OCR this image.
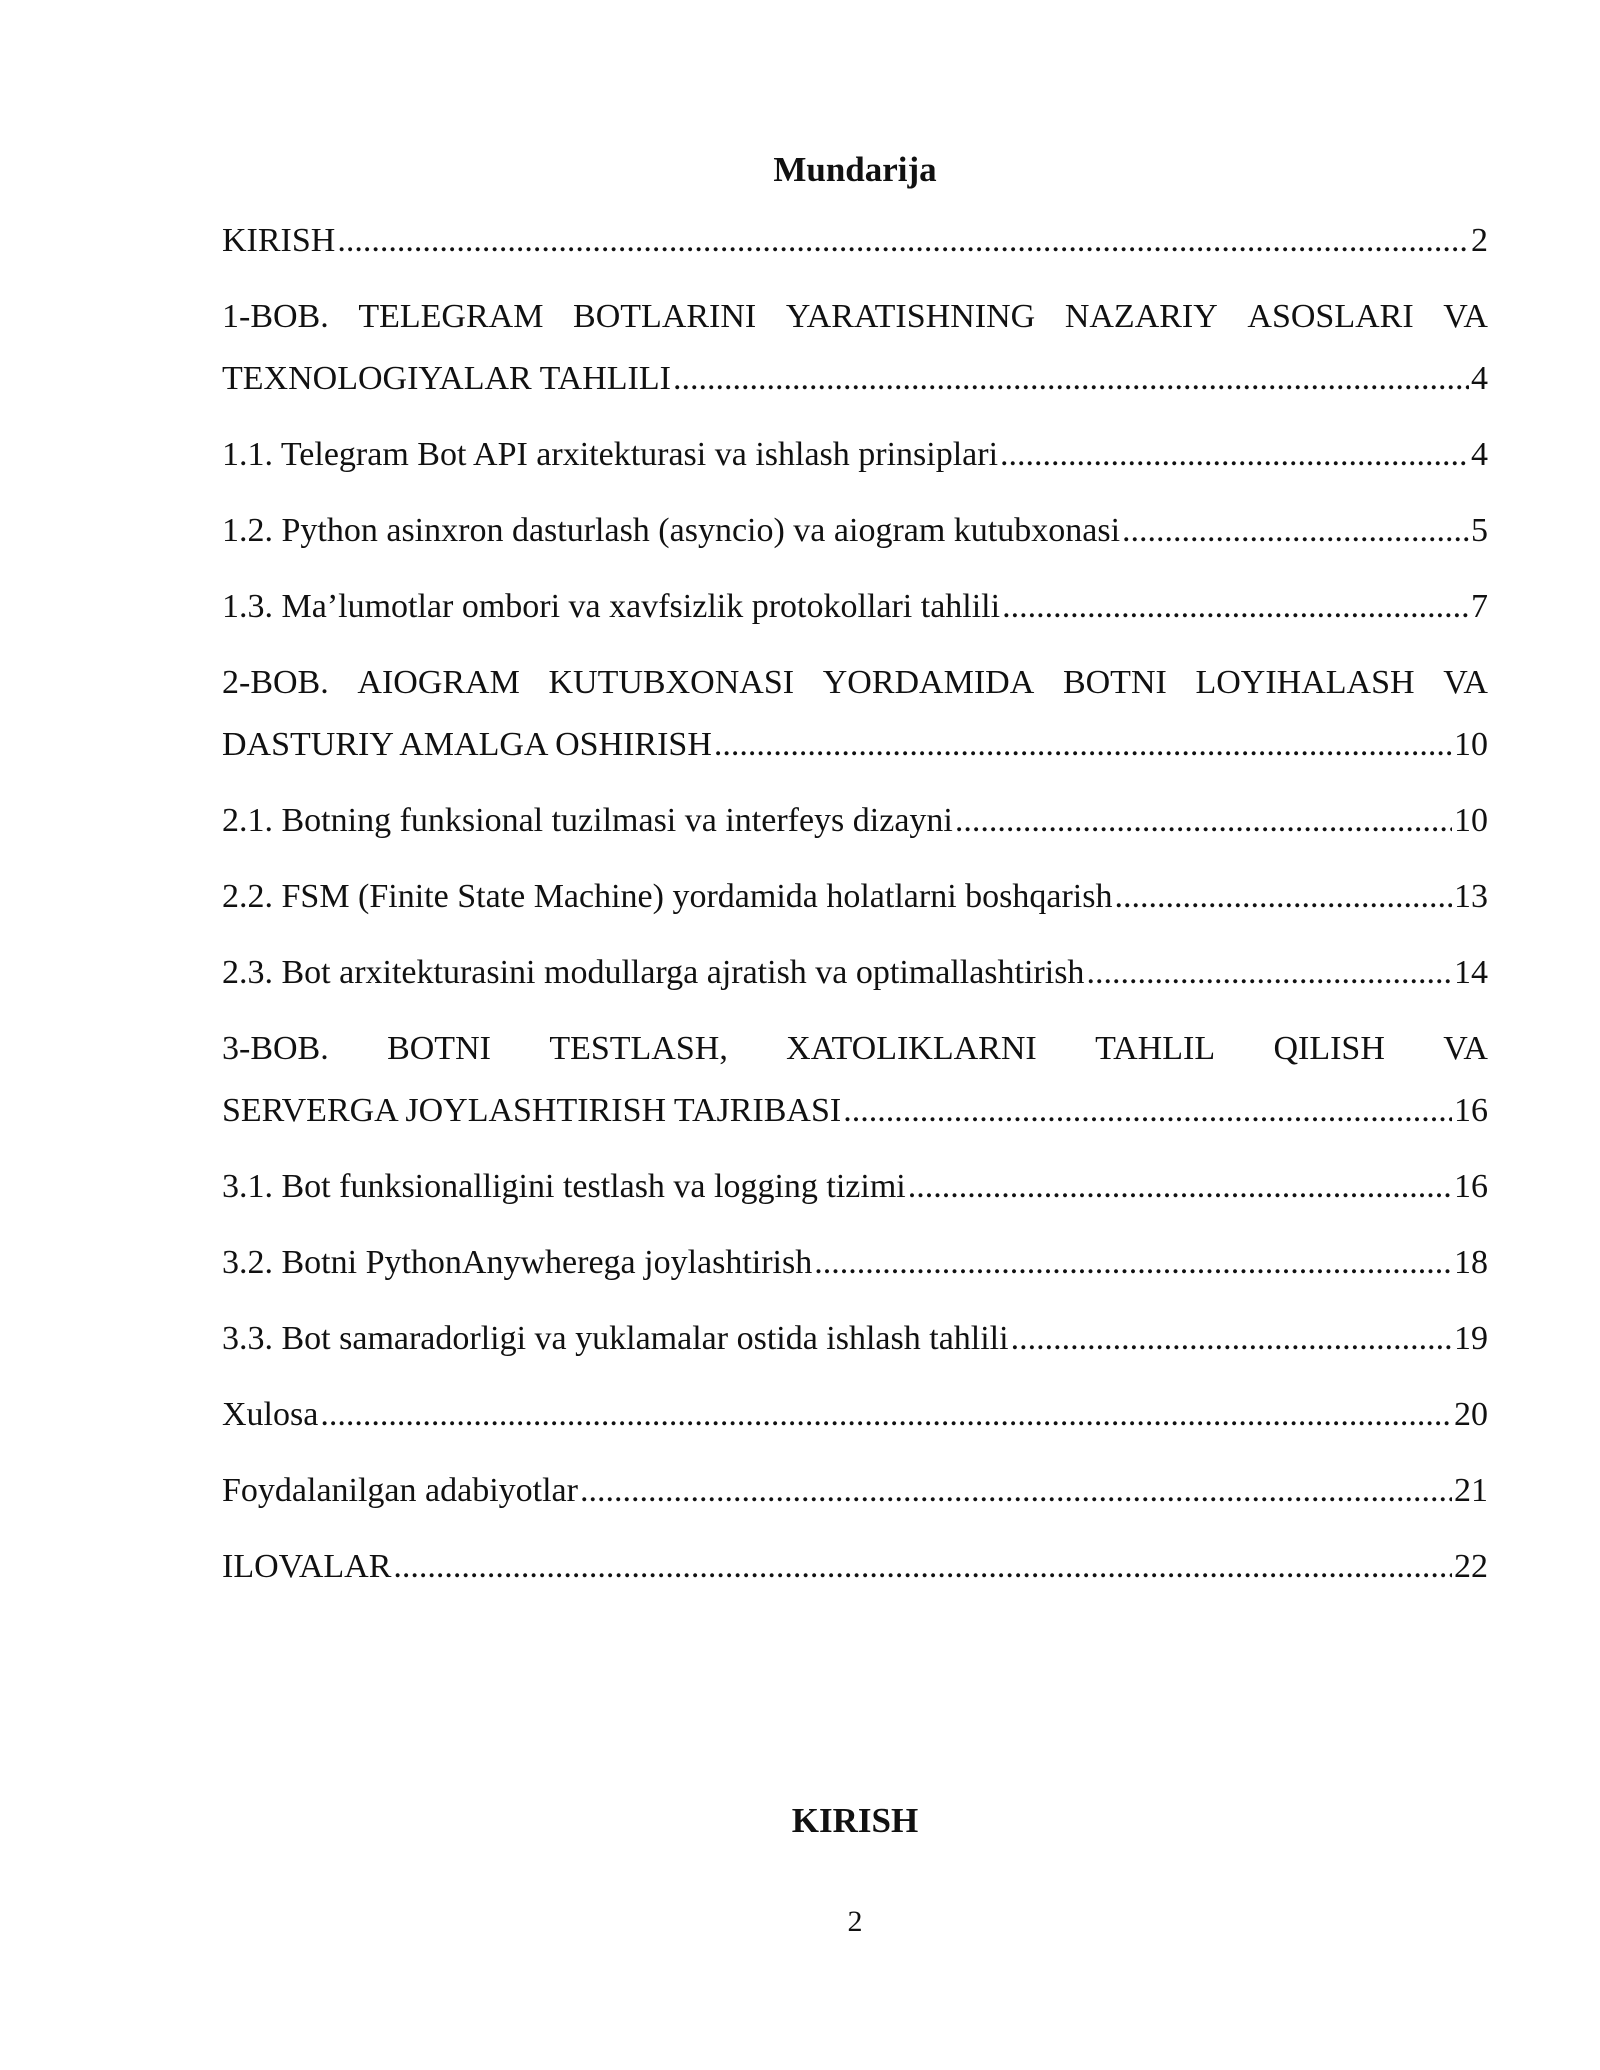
Mundarija
KIRISH .....	2
1-BOB. TELEGRAM BOTLARINI YARATISHNING NAZARIY ASOSLARI VA
TEXNOLOGIYALAR TAHLILI .....	4
1.1. Telegram Bot API arxitekturasi va ishlash prinsiplari .....	4
1.2. Python asinxron dasturlash (asyncio) va aiogram kutubxonasi .....	5
1.3. Ma’lumotlar ombori va xavfsizlik protokollari tahlili .....	7
2-BOB. AIOGRAM KUTUBXONASI YORDAMIDA BOTNI LOYIHALASH VA
DASTURIY AMALGA OSHIRISH .....	10
2.1. Botning funksional tuzilmasi va interfeys dizayni .....	10
2.2. FSM (Finite State Machine) yordamida holatlarni boshqarish .....	13
2.3. Bot arxitekturasini modullarga ajratish va optimallashtirish .....	14
3-BOB. BOTNI TESTLASH, XATOLIKLARNI TAHLIL QILISH VA
SERVERGA JOYLASHTIRISH TAJRIBASI .....	16
3.1. Bot funksionalligini testlash va logging tizimi .....	16
3.2. Botni PythonAnywherega joylashtirish .....	18
3.3. Bot samaradorligi va yuklamalar ostida ishlash tahlili .....	19
Xulosa .....	20
Foydalanilgan adabiyotlar .....	21
ILOVALAR .....	22
KIRISH
2
